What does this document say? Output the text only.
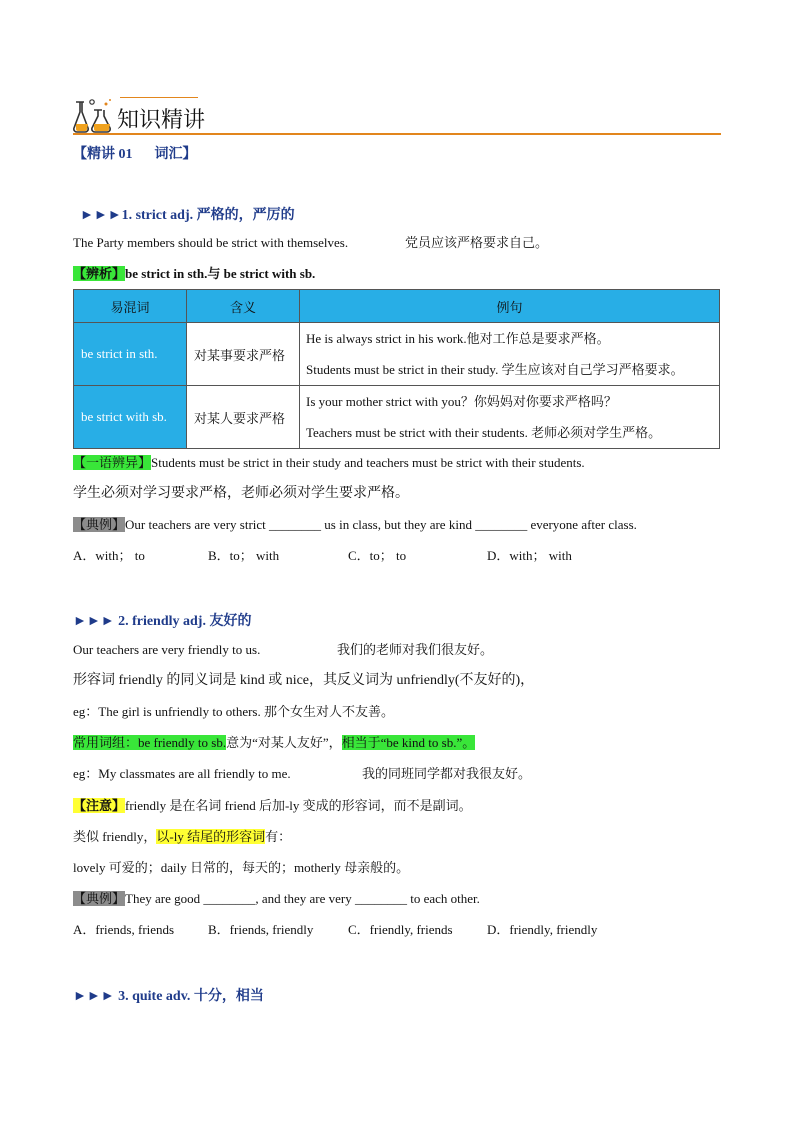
知识精讲
【精讲 01 词汇】
►►►1. strict adj. 严格的，严厉的
The Party members should be strict with themselves.	党员应该严格要求自己。
【辨析】be strict in sth.与 be strict with sb.
易混词	含义	例句
be strict in sth.	对某事要求严格	He is always strict in his work.他对工作总是要求严格。
Students must be strict in their study. 学生应该对自己学习严格要求。

be strict with sb.	对某人要求严格	Is your mother strict with you？你妈妈对你要求严格吗？
Teachers must be strict with their students. 老师必须对学生严格。
【一语辨异】Students must be strict in their study and teachers must be strict with their students.
学生必须对学习要求严格，老师必须对学生要求严格。
【典例】Our teachers are very strict ________ us in class, but they are kind ________ everyone after class.
A．with； to	B．to； with	C．to； to	D．with； with
►►► 2. friendly adj. 友好的
Our teachers are very friendly to us.	我们的老师对我们很友好。
形容词 friendly 的同义词是 kind 或 nice，其反义词为 unfriendly(不友好的)，
eg：The girl is unfriendly to others. 那个女生对人不友善。
常用词组：be friendly to sb.意为“对某人友好”，相当于“be kind to sb.”。
eg：My classmates are all friendly to me.	我的同班同学都对我很友好。
【注意】friendly 是在名词 friend 后加-ly 变成的形容词，而不是副词。
类似 friendly，以-ly 结尾的形容词有：
lovely 可爱的；daily 日常的，每天的；motherly 母亲般的。
【典例】They are good ________, and they are very ________ to each other.
A．friends, friends	B．friends, friendly	C．friendly, friends	D．friendly, friendly
►►► 3. quite adv. 十分，相当
